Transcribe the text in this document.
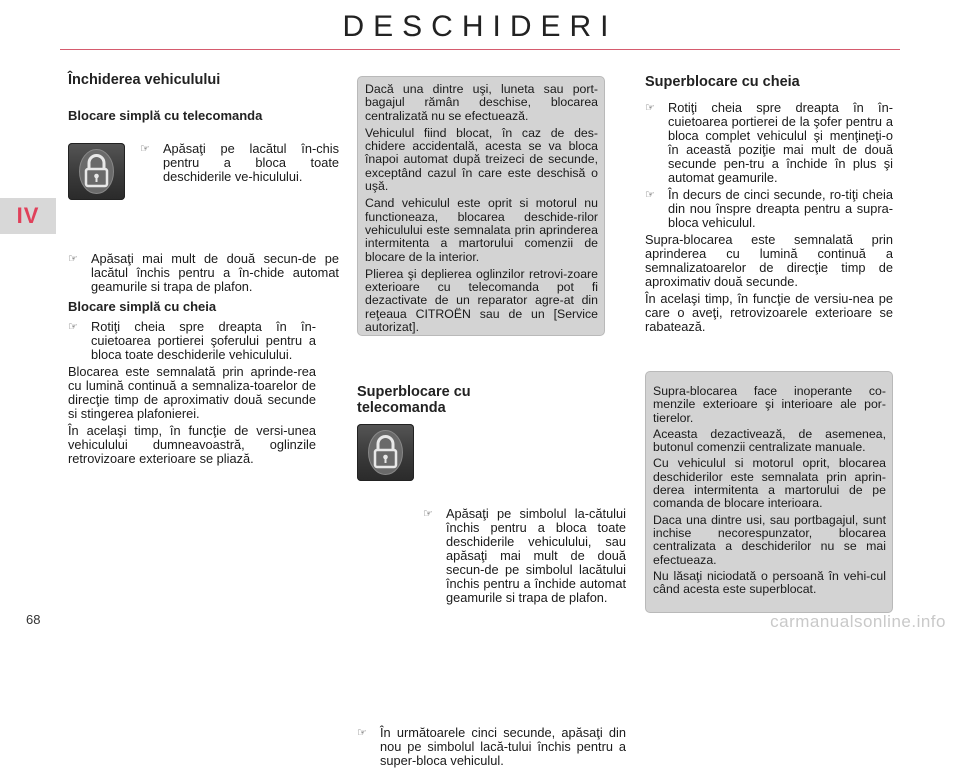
DESCHIDERI
IV
Închiderea vehiculului
Blocare simplă cu telecomanda
☞ Apăsaţi pe lacătul în-chis pentru a bloca toate deschiderile ve-hiculului.
☞ Apăsaţi mai mult de două secun-de pe lacătul închis pentru a în-chide automat geamurile si trapa de plafon.
Blocare simplă cu cheia
☞ Rotiţi cheia spre dreapta în în-cuietoarea portierei şoferului pentru a bloca toate deschiderile vehiculului.
Blocarea este semnalată prin aprinde-rea cu lumină continuă a semnaliza-toarelor de direcţie timp de aproximativ două secunde si stingerea plafonierei.
În acelaşi timp, în funcţie de versi-unea vehiculului dumneavoastră, oglinzile retrovizoare exterioare se pliază.
Dacă una dintre uşi, luneta sau port-bagajul rămân deschise, blocarea centralizată nu se efectuează.
Vehiculul fiind blocat, în caz de des-chidere accidentală, acesta se va bloca înapoi automat după treizeci de secunde, exceptând cazul în care este deschisă o uşă.
Cand vehiculul este oprit si motorul nu functioneaza, blocarea deschide-rilor vehiculului este semnalata prin aprinderea intermitenta a martorului comenzii de blocare de la interior.
Plierea şi deplierea oglinzilor retrovi-zoare exterioare cu telecomanda pot fi dezactivate de un reparator agre-at din reţeaua CITROËN sau de un [Service autorizat].
Superblocare cu telecomanda
☞ Apăsaţi pe simbolul la-cătului închis pentru a bloca toate deschiderile vehiculului, sau apăsaţi mai mult de două secun-de pe simbolul lacătului închis pentru a închide automat geamurile si trapa de plafon.
☞ În următoarele cinci secunde, apăsaţi din nou pe simbolul lacă-tului închis pentru a super-bloca vehiculul.
Superblocare cu cheia
☞ Rotiţi cheia spre dreapta în în-cuietoarea portierei de la şofer pentru a bloca complet vehiculul şi menţineţi-o în această poziţie mai mult de două secunde pen-tru a închide în plus şi automat geamurile.
☞ În decurs de cinci secunde, ro-tiţi cheia din nou înspre dreapta pentru a supra-bloca vehiculul.
Supra-blocarea este semnalată prin aprinderea cu lumină continuă a semnalizatoarelor de direcţie timp de aproximativ două secunde.
În acelaşi timp, în funcţie de versiu-nea pe care o aveţi, retrovizoarele exterioare se rabatează.
Supra-blocarea face inoperante co-menzile exterioare şi interioare ale por-tierelor.
Aceasta dezactivează, de asemenea, butonul comenzii centralizate manuale.
Cu vehiculul si motorul oprit, blocarea deschiderilor este semnalata prin aprin-derea intermitenta a martorului de pe comanda de blocare interioara.
Daca una dintre usi, sau portbagajul, sunt inchise necorespunzator, blocarea centralizata a deschiderilor nu se mai efectueaza.
Nu lăsaţi niciodată o persoană în vehi-cul când acesta este superblocat.
68	carmanualsonline.info
